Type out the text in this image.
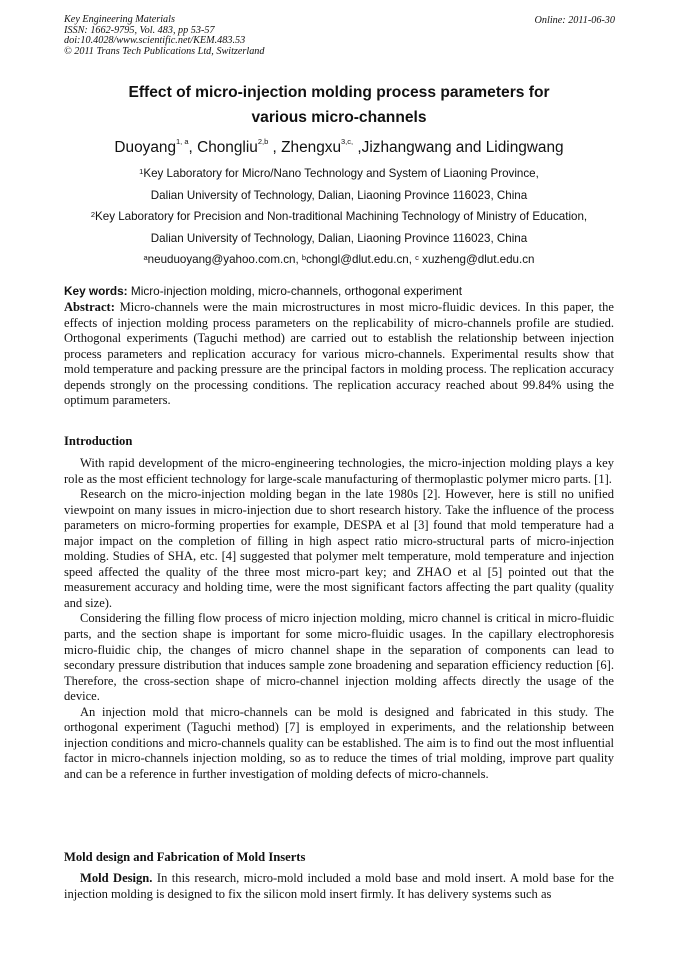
Key Engineering Materials
ISSN: 1662-9795, Vol. 483, pp 53-57
doi:10.4028/www.scientific.net/KEM.483.53
© 2011 Trans Tech Publications Ltd, Switzerland
Online: 2011-06-30
Effect of micro-injection molding process parameters for
various micro-channels
Duoyang$^{1, a}$, Chongliu$^{2,b}$ , Zhengxu$^{3,c,}$ ,Jizhangwang and Lidingwang
$^1$Key Laboratory for Micro/Nano Technology and System of Liaoning Province,
Dalian University of Technology, Dalian, Liaoning Province 116023, China
$^2$Key Laboratory for Precision and Non-traditional Machining Technology of Ministry of Education,
Dalian University of Technology, Dalian, Liaoning Province 116023, China
$^a$neuduoyang@yahoo.com.cn, $^b$chongl@dlut.edu.cn, $^c$ xuzheng@dlut.edu.cn
Key words: Micro-injection molding, micro-channels, orthogonal experiment

Abstract: Micro-channels were the main microstructures in most micro-fluidic devices. In this paper, the effects of injection molding process parameters on the replicability of micro-channels profile are studied. Orthogonal experiments (Taguchi method) are carried out to establish the relationship between injection process parameters and replication accuracy for various micro-channels. Experimental results show that mold temperature and packing pressure are the principal factors in molding process. The replication accuracy depends strongly on the processing conditions. The replication accuracy reached about 99.84% using the optimum parameters.

Introduction

With rapid development of the micro-engineering technologies, the micro-injection molding plays a key role as the most efficient technology for large-scale manufacturing of thermoplastic polymer micro parts. [1].

Research on the micro-injection molding began in the late 1980s [2]. However, here is still no unified viewpoint on many issues in micro-injection due to short research history. Take the influence of the process parameters on micro-forming properties for example, DESPA et al [3] found that mold temperature had a major impact on the completion of filling in high aspect ratio micro-structural parts of micro-injection molding. Studies of SHA, etc. [4] suggested that polymer melt temperature, mold temperature and injection speed affected the quality of the three most micro-part key; and ZHAO et al [5] pointed out that the measurement accuracy and holding time, were the most significant factors affecting the part quality (quality and size).

Considering the filling flow process of micro injection molding, micro channel is critical in micro-fluidic parts, and the section shape is important for some micro-fluidic usages. In the capillary electrophoresis micro-fluidic chip, the changes of micro channel shape in the separation of components can lead to secondary pressure distribution that induces sample zone broadening and separation efficiency reduction [6]. Therefore, the cross-section shape of micro-channel injection molding affects directly the usage of the device.

An injection mold that micro-channels can be mold is designed and fabricated in this study. The orthogonal experiment (Taguchi method) [7] is employed in experiments, and the relationship between injection conditions and micro-channels quality can be established. The aim is to find out the most influential factor in micro-channels injection molding, so as to reduce the times of trial molding, improve part quality and can be a reference in further investigation of molding defects of micro-channels.

Mold design and Fabrication of Mold Inserts

Mold Design. In this research, micro-mold included a mold base and mold insert. A mold base for the injection molding is designed to fix the silicon mold insert firmly. It has delivery systems such as
